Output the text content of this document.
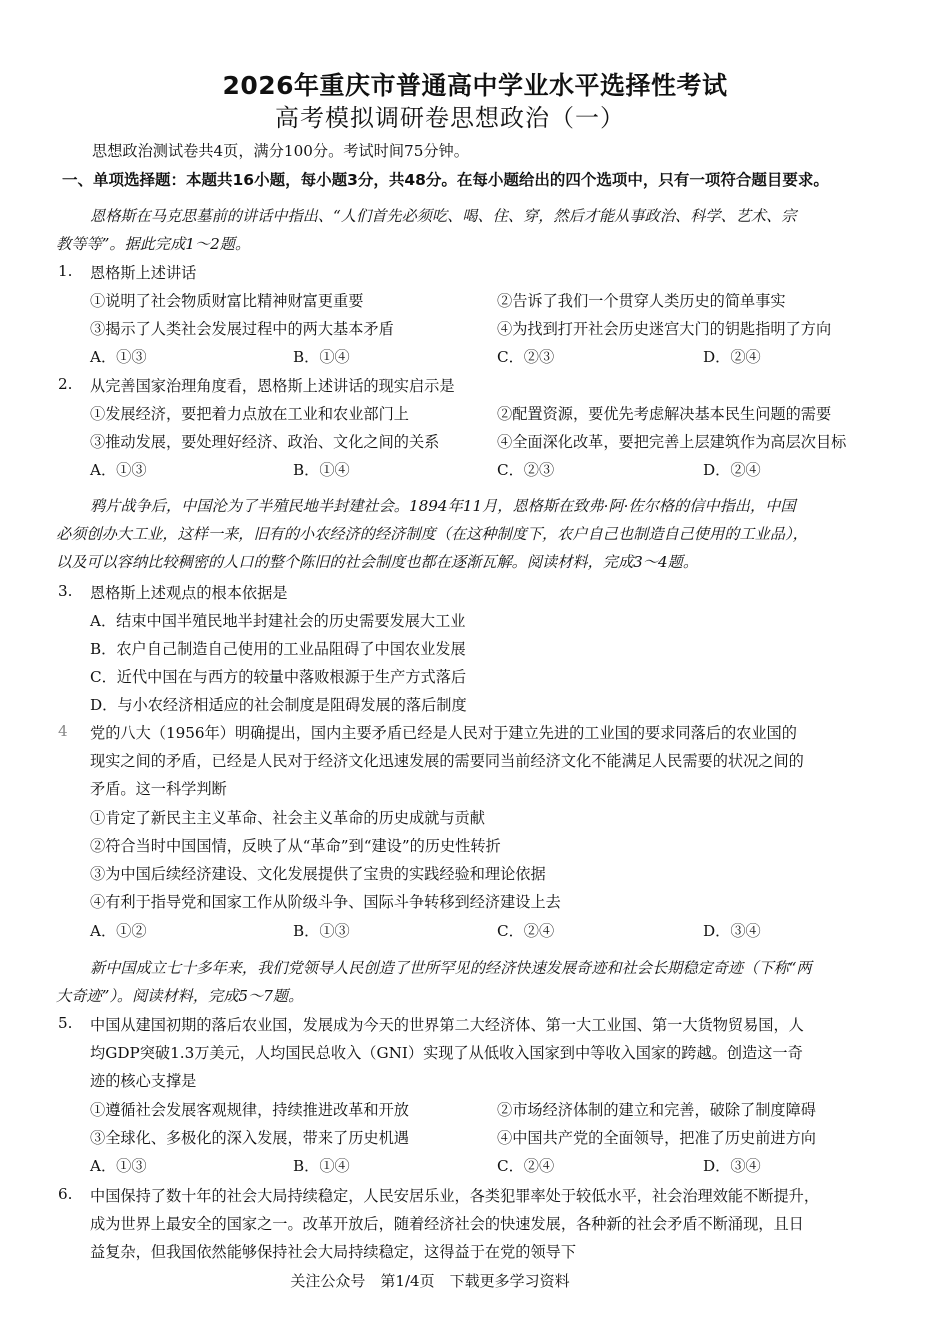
2026年重庆市普通高中学业水平选择性考试
高考模拟调研卷思想政治（一）
思想政治测试卷共4页，满分100分。考试时间75分钟。
一、单项选择题：本题共16小题，每小题3分，共48分。在每小题给出的四个选项中，只有一项符合题目要求。
恩格斯在马克思墓前的讲话中指出、“人们首先必须吃、喝、住、穿，然后才能从事政治、科学、艺术、宗
教等等”。据此完成1～2题。
1. 恩格斯上述讲话
①说明了社会物质财富比精神财富更重要	②告诉了我们一个贯穿人类历史的简单事实
③揭示了人类社会发展过程中的两大基本矛盾	④为找到打开社会历史迷宫大门的钥匙指明了方向
A．①③	B．①④	C．②③	D．②④
2. 从完善国家治理角度看，恩格斯上述讲话的现实启示是
①发展经济，要把着力点放在工业和农业部门上	②配置资源，要优先考虑解决基本民生问题的需要
③推动发展，要处理好经济、政治、文化之间的关系	④全面深化改革，要把完善上层建筑作为高层次目标
A．①③	B．①④	C．②③	D．②④
鸦片战争后，中国沦为了半殖民地半封建社会。1894年11月，恩格斯在致弗·阿·佐尔格的信中指出，中国
必须创办大工业，这样一来，旧有的小农经济的经济制度（在这种制度下，农户自己也制造自己使用的工业品），
以及可以容纳比较稠密的人口的整个陈旧的社会制度也都在逐渐瓦解。阅读材料，完成3～4题。
3. 恩格斯上述观点的根本依据是
A．结束中国半殖民地半封建社会的历史需要发展大工业
B．农户自己制造自己使用的工业品阻碍了中国农业发展
C．近代中国在与西方的较量中落败根源于生产方式落后
D．与小农经济相适应的社会制度是阻碍发展的落后制度
4 党的八大（1956年）明确提出，国内主要矛盾已经是人民对于建立先进的工业国的要求同落后的农业国的
现实之间的矛盾，已经是人民对于经济文化迅速发展的需要同当前经济文化不能满足人民需要的状况之间的
矛盾。这一科学判断
①肯定了新民主主义革命、社会主义革命的历史成就与贡献
②符合当时中国国情，反映了从“革命”到“建设”的历史性转折
③为中国后续经济建设、文化发展提供了宝贵的实践经验和理论依据
④有利于指导党和国家工作从阶级斗争、国际斗争转移到经济建设上去
A．①②	B．①③	C．②④	D．③④
新中国成立七十多年来，我们党领导人民创造了世所罕见的经济快速发展奇迹和社会长期稳定奇迹（下称“两
大奇迹”）。阅读材料，完成5～7题。
5. 中国从建国初期的落后农业国，发展成为今天的世界第二大经济体、第一大工业国、第一大货物贸易国，人
均GDP突破1.3万美元，人均国民总收入（GNI）实现了从低收入国家到中等收入国家的跨越。创造这一奇
迹的核心支撑是
①遵循社会发展客观规律，持续推进改革和开放	②市场经济体制的建立和完善，破除了制度障碍
③全球化、多极化的深入发展，带来了历史机遇	④中国共产党的全面领导，把准了历史前进方向
A．①③	B．①④	C．②④	D．③④
6. 中国保持了数十年的社会大局持续稳定，人民安居乐业，各类犯罪率处于较低水平，社会治理效能不断提升，
成为世界上最安全的国家之一。改革开放后，随着经济社会的快速发展，各种新的社会矛盾不断涌现，且日
益复杂，但我国依然能够保持社会大局持续稳定，这得益于在党的领导下
关注公众号　第1/4页　下载更多学习资料
